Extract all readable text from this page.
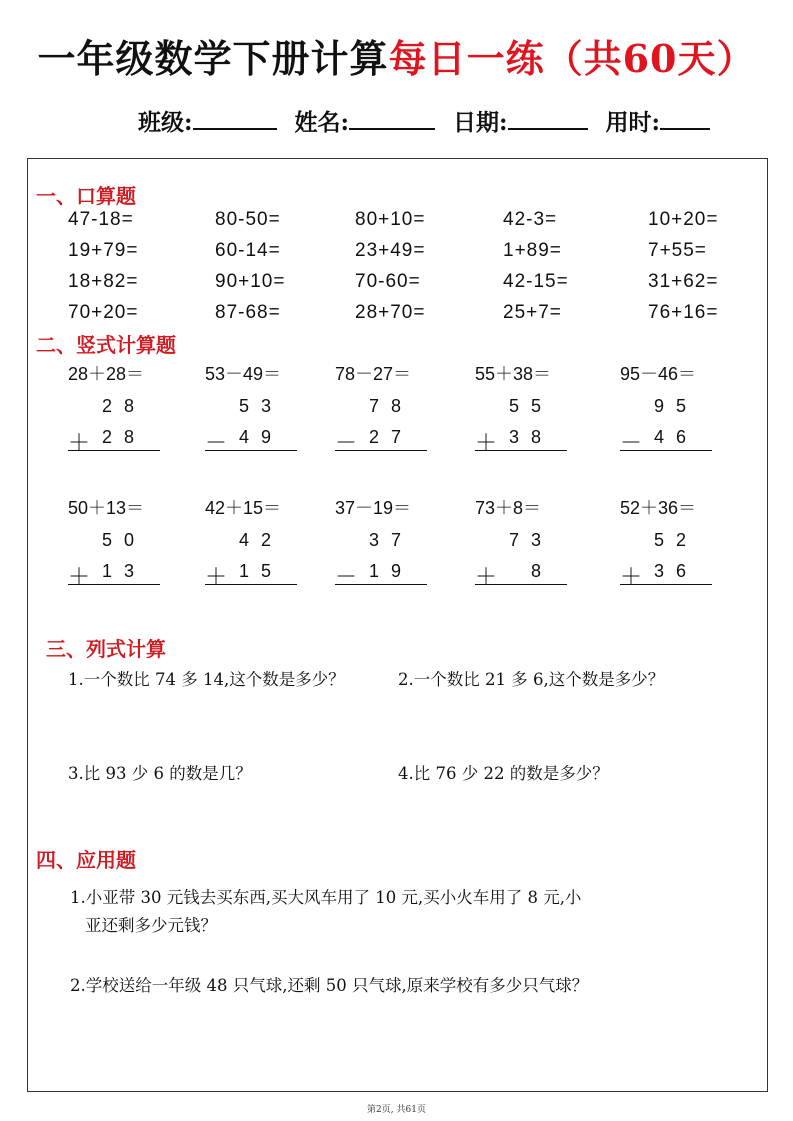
一年级数学下册计算每日一练（共60天）
班级:	姓名:	日期:	用时:
一、口算题
二、竖式计算题
三、列式计算
1.一个数比 74 多 14,这个数是多少？	2.一个数比 21 多 6,这个数是多少？
3.比 93 少 6 的数是几？	4.比 76 少 22 的数是多少？
四、应用题
1.小亚带 30 元钱去买东西,买大风车用了 10 元,买小火车用了 8 元,小
亚还剩多少元钱？
2.学校送给一年级 48 只气球,还剩 50 只气球,原来学校有多少只气球？
第2页, 共61页
47-18=	80-50=	80+10=	42-3=	10+20=
19+79=	60-14=	23+49=	1+89=	7+55=
18+82=	90+10=	70-60=	42-15=	31+62=
70+20=	87-68=	28+70=	25+7=	76+16=
28＋28＝
28
＋ 28
53－49＝
53
－ 49
78－27＝
78
－ 27
55＋38＝
55
＋ 38
95－46＝
95
－ 46
50＋13＝
50
＋ 13
42＋15＝
42
＋ 15
37－19＝
37
－ 19
73＋8＝
73
＋ 8
52＋36＝
52
＋ 36
